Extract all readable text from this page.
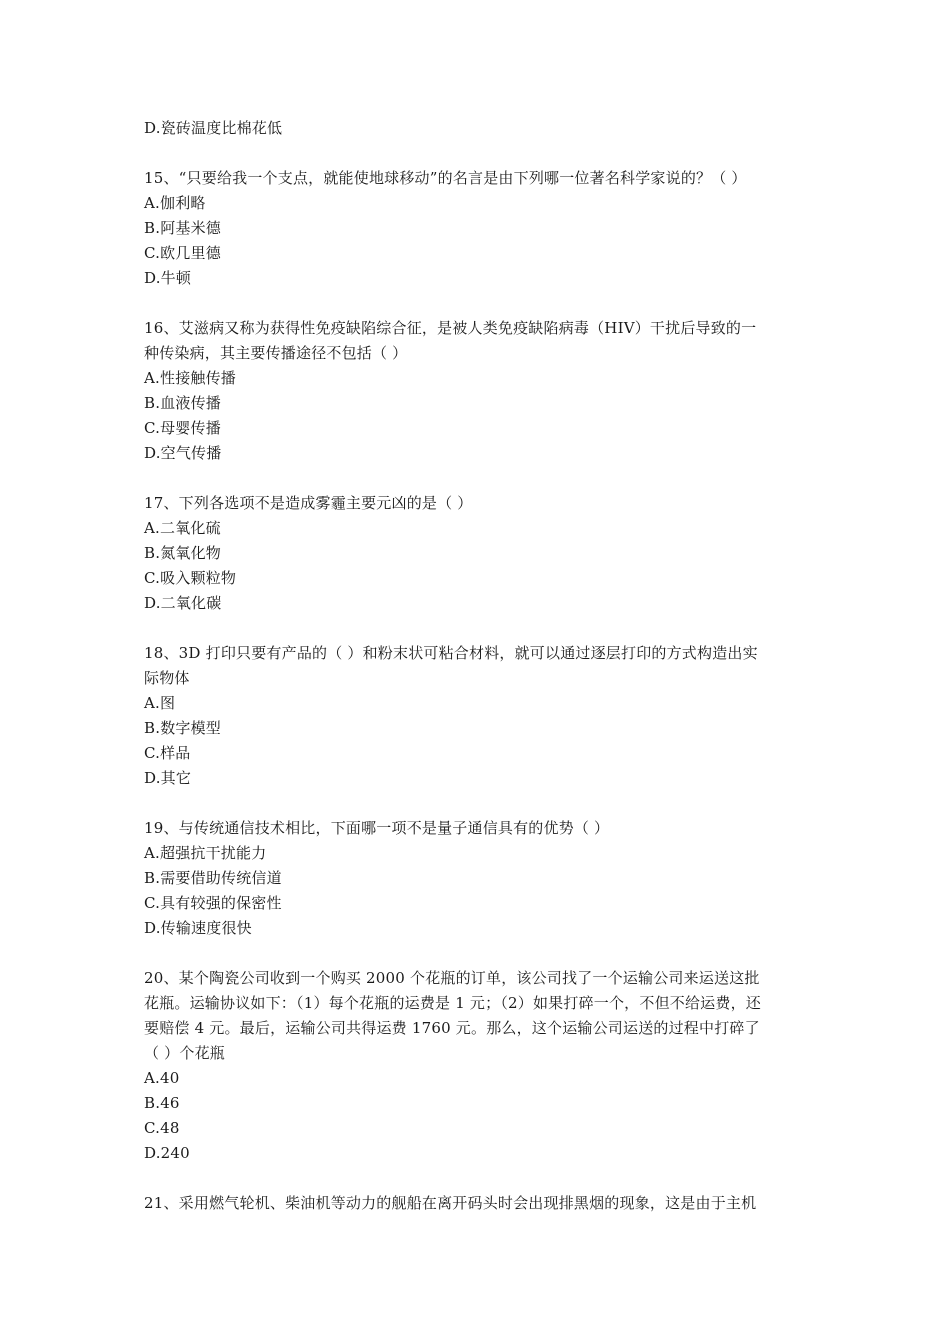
D.瓷砖温度比棉花低
15、“只要给我一个支点，就能使地球移动”的名言是由下列哪一位著名科学家说的？（ ）
A.伽利略
B.阿基米德
C.欧几里德
D.牛顿
16、艾滋病又称为获得性免疫缺陷综合征，是被人类免疫缺陷病毒（HIV）干扰后导致的一
种传染病，其主要传播途径不包括（ ）
A.性接触传播
B.血液传播
C.母婴传播
D.空气传播
17、下列各选项不是造成雾霾主要元凶的是（ ）
A.二氧化硫
B.氮氧化物
C.吸入颗粒物
D.二氧化碳
18、3D 打印只要有产品的（ ）和粉末状可粘合材料，就可以通过逐层打印的方式构造出实
际物体
A.图
B.数字模型
C.样品
D.其它
19、与传统通信技术相比，下面哪一项不是量子通信具有的优势（ ）
A.超强抗干扰能力
B.需要借助传统信道
C.具有较强的保密性
D.传输速度很快
20、某个陶瓷公司收到一个购买 2000 个花瓶的订单，该公司找了一个运输公司来运送这批
花瓶。运输协议如下：（1）每个花瓶的运费是 1 元；（2）如果打碎一个，不但不给运费，还
要赔偿 4 元。最后，运输公司共得运费 1760 元。那么，这个运输公司运送的过程中打碎了
（ ）个花瓶
A.40
B.46
C.48
D.240
21、采用燃气轮机、柴油机等动力的舰船在离开码头时会出现排黑烟的现象，这是由于主机
